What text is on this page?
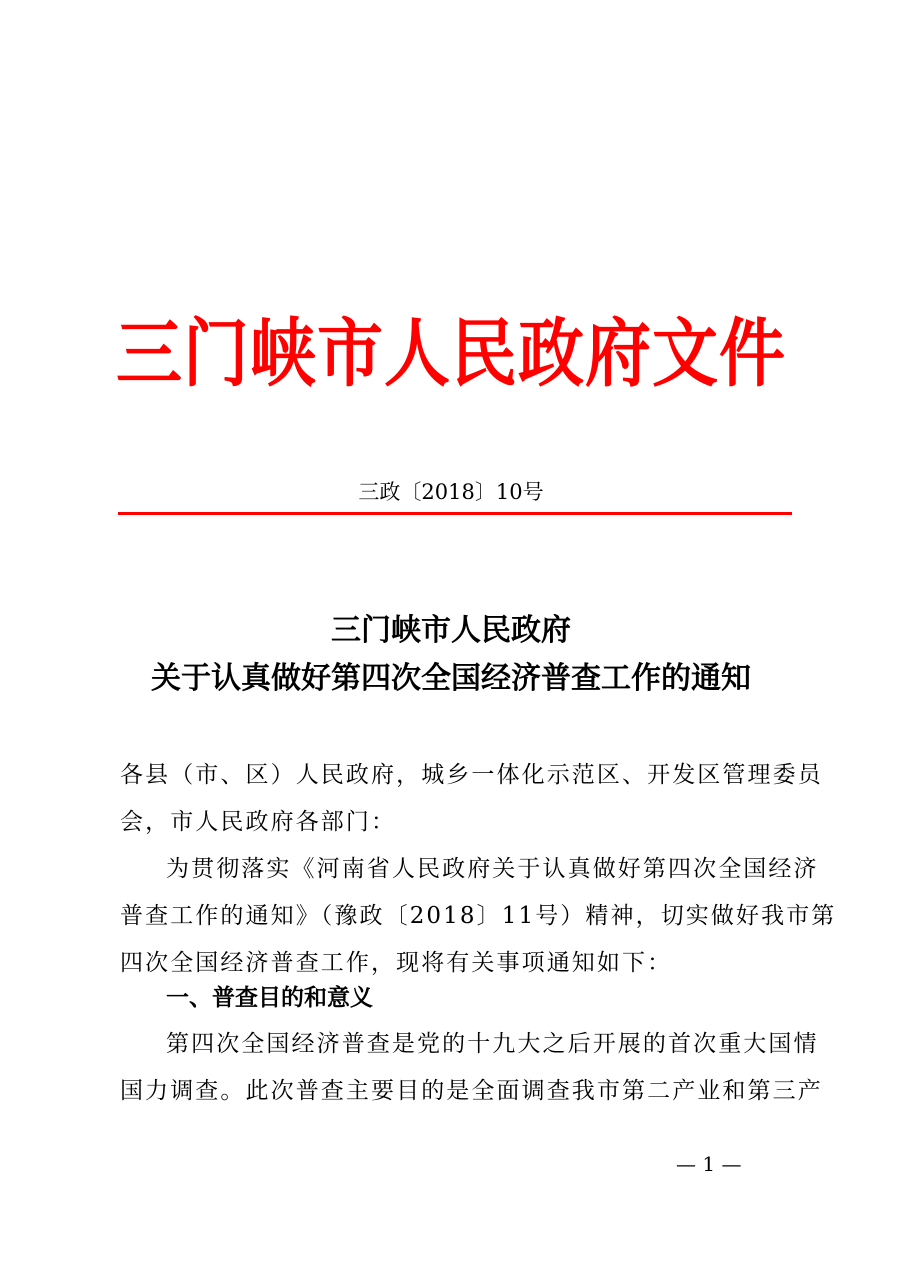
三门峡市人民政府文件
三政〔2018〕10号
三门峡市人民政府
关于认真做好第四次全国经济普查工作的通知
各县（市、区）人民政府，城乡一体化示范区、开发区管理委员
会，市人民政府各部门：
为贯彻落实《河南省人民政府关于认真做好第四次全国经济
普查工作的通知》（豫政〔2018〕11号）精神，切实做好我市第
四次全国经济普查工作，现将有关事项通知如下：
一、普查目的和意义
第四次全国经济普查是党的十九大之后开展的首次重大国情
国力调查。此次普查主要目的是全面调查我市第二产业和第三产
— 1 —
